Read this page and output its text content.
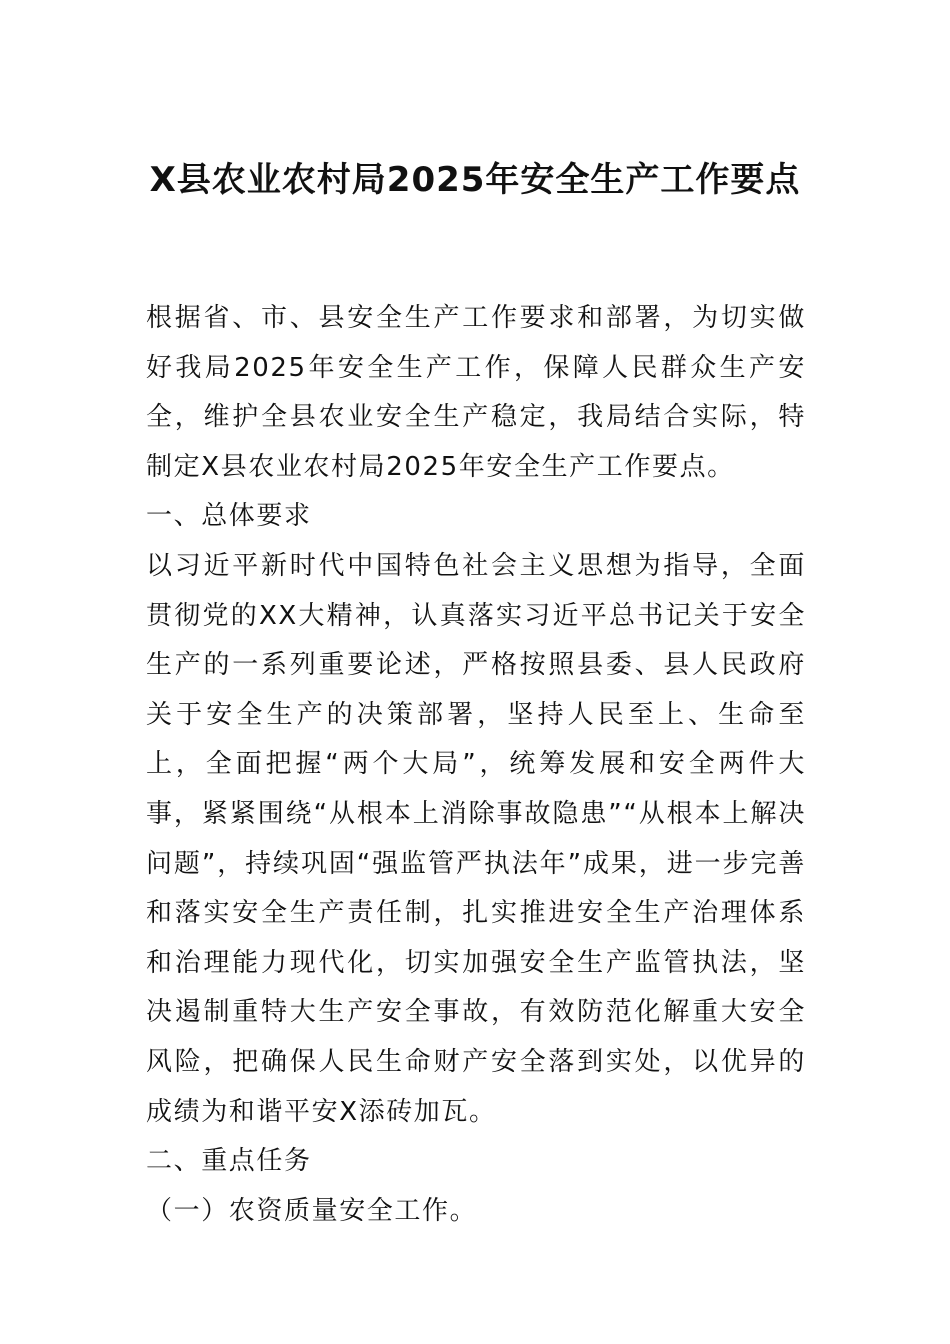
X县农业农村局2025年安全生产工作要点

根据省、市、县安全生产工作要求和部署，为切实做好我局2025年安全生产工作，保障人民群众生产安全，维护全县农业安全生产稳定，我局结合实际，特制定X县农业农村局2025年安全生产工作要点。

一、总体要求

以习近平新时代中国特色社会主义思想为指导，全面贯彻党的XX大精神，认真落实习近平总书记关于安全生产的一系列重要论述，严格按照县委、县人民政府关于安全生产的决策部署，坚持人民至上、生命至上，全面把握“两个大局”，统筹发展和安全两件大事，紧紧围绕“从根本上消除事故隐患”“从根本上解决问题”，持续巩固“强监管严执法年”成果，进一步完善和落实安全生产责任制，扎实推进安全生产治理体系和治理能力现代化，切实加强安全生产监管执法，坚决遏制重特大生产安全事故，有效防范化解重大安全风险，把确保人民生命财产安全落到实处，以优异的成绩为和谐平安X添砖加瓦。

二、重点任务

（一）农资质量安全工作。
